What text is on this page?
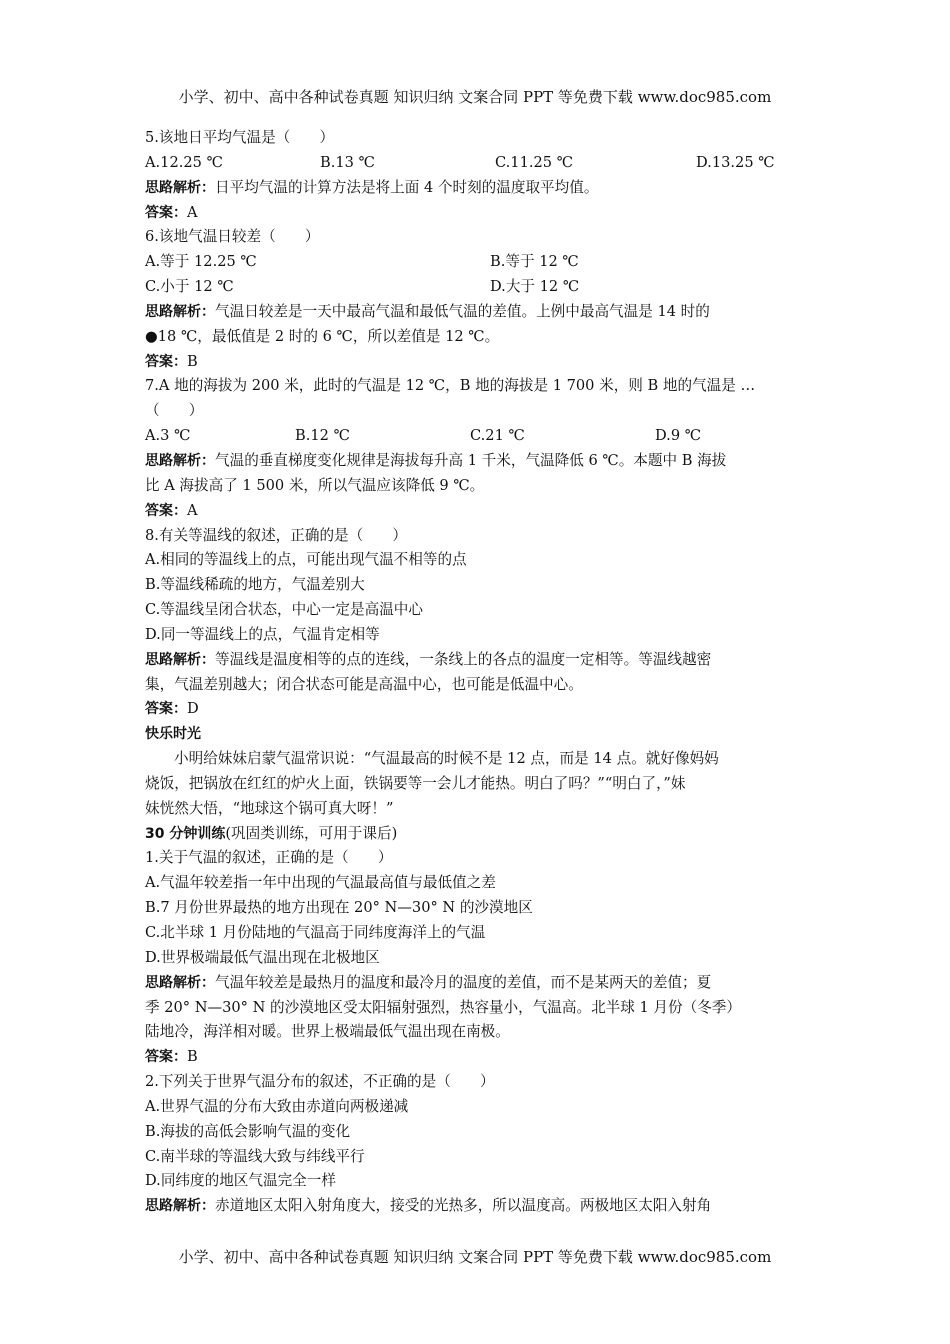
小学、初中、高中各种试卷真题 知识归纳 文案合同 PPT 等免费下载 www.doc985.com
5.该地日平均气温是（　　）
A.12.25 ℃	B.13 ℃	C.11.25 ℃	D.13.25 ℃
思路解析：日平均气温的计算方法是将上面 4 个时刻的温度取平均值。
答案：A
6.该地气温日较差（　　）
A.等于 12.25 ℃	B.等于 12 ℃
C.小于 12 ℃	D.大于 12 ℃
思路解析：气温日较差是一天中最高气温和最低气温的差值。上例中最高气温是 14 时的
●18 ℃，最低值是 2 时的 6 ℃，所以差值是 12 ℃。
答案：B
7.A 地的海拔为 200 米，此时的气温是 12 ℃，B 地的海拔是 1 700 米，则 B 地的气温是 …
（　　）
A.3 ℃	B.12 ℃	C.21 ℃	D.9 ℃
思路解析：气温的垂直梯度变化规律是海拔每升高 1 千米，气温降低 6 ℃。本题中 B 海拔
比 A 海拔高了 1 500 米，所以气温应该降低 9 ℃。
答案：A
8.有关等温线的叙述，正确的是（　　）
A.相同的等温线上的点，可能出现气温不相等的点
B.等温线稀疏的地方，气温差别大
C.等温线呈闭合状态，中心一定是高温中心
D.同一等温线上的点，气温肯定相等
思路解析：等温线是温度相等的点的连线，一条线上的各点的温度一定相等。等温线越密
集，气温差别越大；闭合状态可能是高温中心，也可能是低温中心。
答案：D
快乐时光
小明给妹妹启蒙气温常识说：“气温最高的时候不是 12 点，而是 14 点。就好像妈妈
烧饭，把锅放在红红的炉火上面，铁锅要等一会儿才能热。明白了吗？”“明白了，”妹
妹恍然大悟，“地球这个锅可真大呀！”
30 分钟训练(巩固类训练，可用于课后)
1.关于气温的叙述，正确的是（　　）
A.气温年较差指一年中出现的气温最高值与最低值之差
B.7 月份世界最热的地方出现在 20° N—30° N 的沙漠地区
C.北半球 1 月份陆地的气温高于同纬度海洋上的气温
D.世界极端最低气温出现在北极地区
思路解析：气温年较差是最热月的温度和最冷月的温度的差值，而不是某两天的差值；夏
季 20° N—30° N 的沙漠地区受太阳辐射强烈，热容量小，气温高。北半球 1 月份（冬季）
陆地冷，海洋相对暖。世界上极端最低气温出现在南极。
答案：B
2.下列关于世界气温分布的叙述，不正确的是（　　）
A.世界气温的分布大致由赤道向两极递减
B.海拔的高低会影响气温的变化
C.南半球的等温线大致与纬线平行
D.同纬度的地区气温完全一样
思路解析：赤道地区太阳入射角度大，接受的光热多，所以温度高。两极地区太阳入射角
小学、初中、高中各种试卷真题 知识归纳 文案合同 PPT 等免费下载 www.doc985.com
